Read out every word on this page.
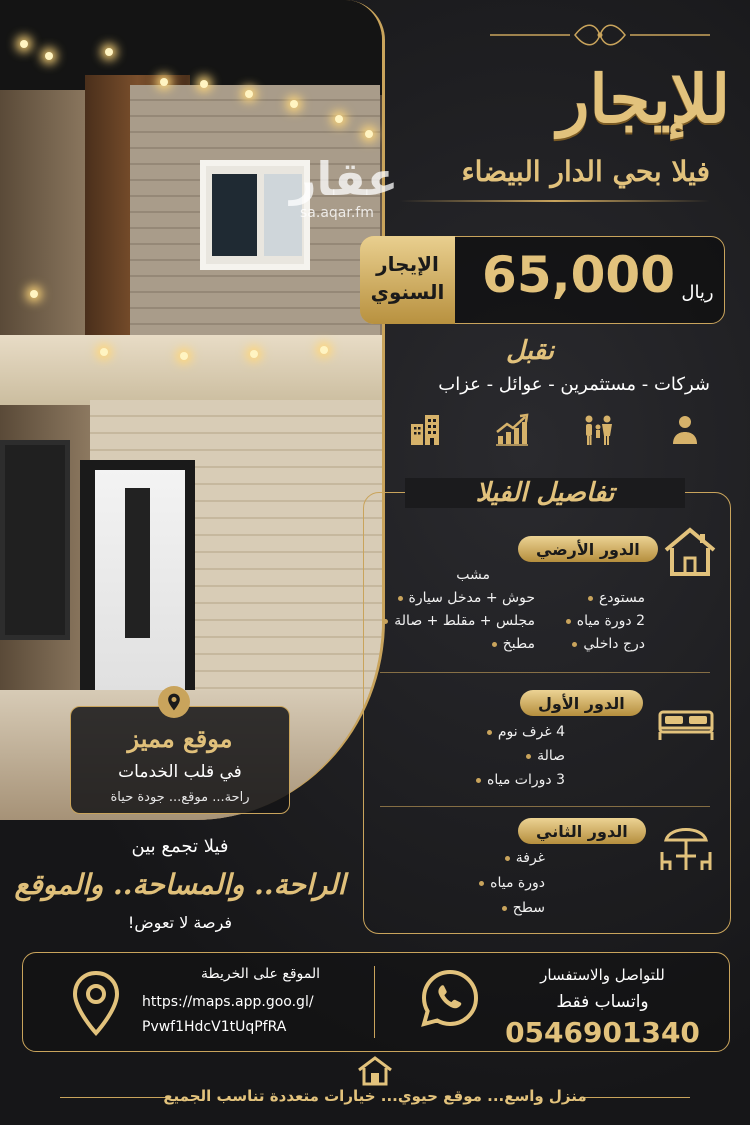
عقار
sa.aqar.fm
موقع مميز
في قلب الخدمات
راحة... موقع... جودة حياة
فيلا تجمع بين
الراحة.. والمساحة.. والموقع
فرصة لا تعوض!
للإيجار
فيلا بحي الدار البيضاء
الإيجار
السنوي 65,000 ريال
نقبل
شركات - مستثمرين - عوائل - عزاب
تفاصيل الفيلا
الدور الأرضي
مستودع
2 دورة مياه
درج داخلي
مشب
حوش + مدخل سيارة
مجلس + مقلط + صالة
مطبخ
الدور الأول
4 غرف نوم
صالة
3 دورات مياه
الدور الثاني
غرفة
دورة مياه
سطح
الموقع على الخريطة
https://maps.app.goo.gl/
Pvwf1HdcV1tUqPfRA
للتواصل والاستفسار
واتساب فقط
0546901340
منزل واسع... موقع حيوي... خيارات متعددة تناسب الجميع
